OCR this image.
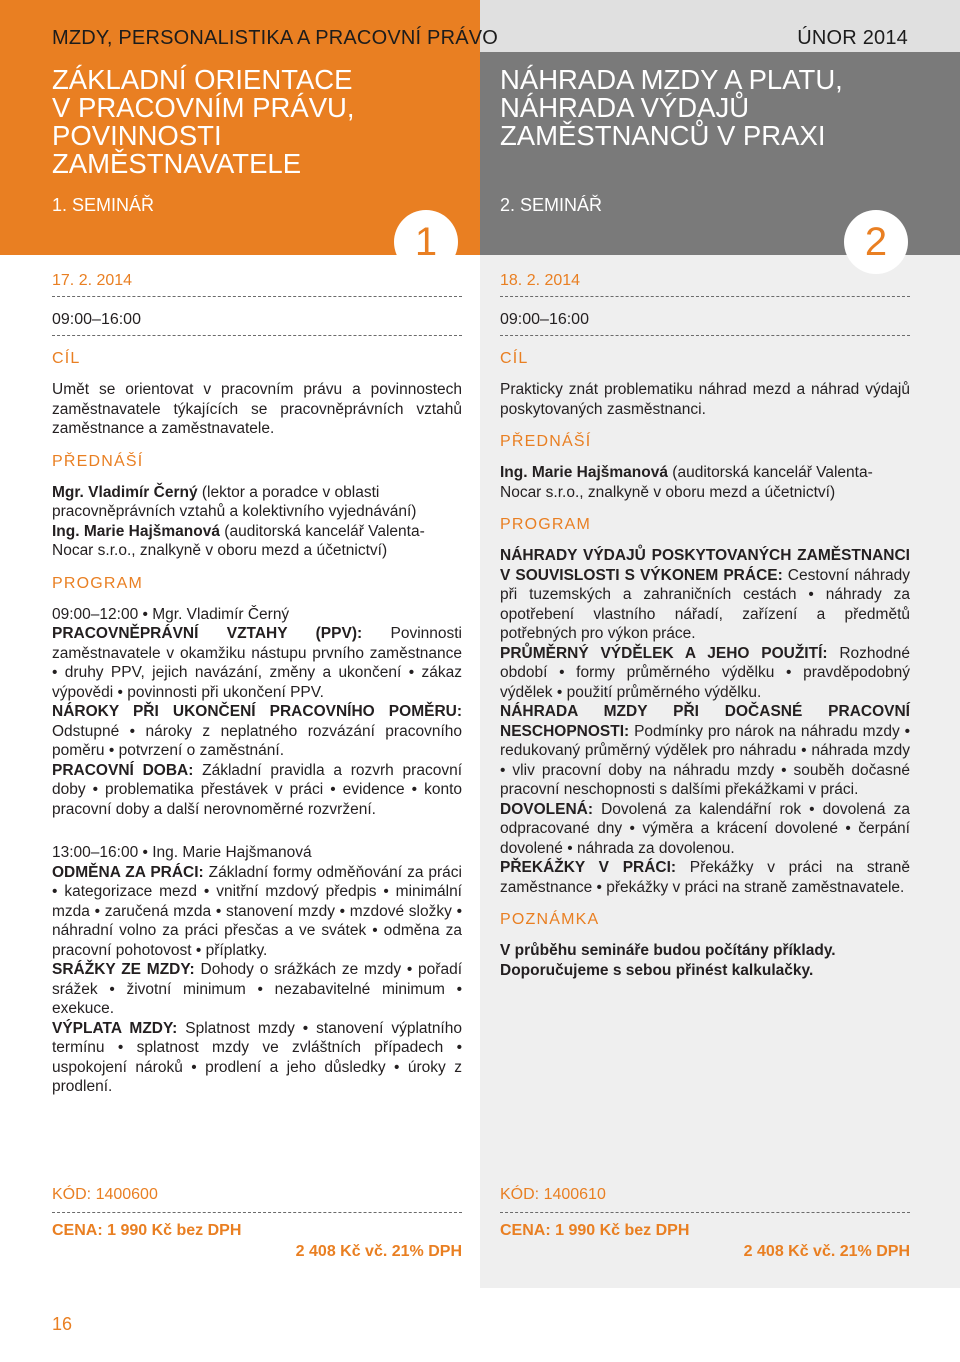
MZDY, PERSONALISTIKA A PRACOVNÍ PRÁVO	ÚNOR 2014
ZÁKLADNÍ ORIENTACE
V PRACOVNÍM PRÁVU,
POVINNOSTI
ZAMĚSTNAVATELE
1. SEMINÁŘ
NÁHRADA MZDY A PLATU,
NÁHRADA VÝDAJŮ
ZAMĚSTNANCŮ V PRAXI
2. SEMINÁŘ
1	2
17. 2. 2014
09:00–16:00
CÍL
Umět se orientovat v pracovním právu a povinnostech zaměstnavatele týkajících se pracovněprávních vztahů zaměstnance a zaměstnavatele.
PŘEDNÁŠÍ
Mgr. Vladimír Černý (lektor a poradce v oblasti pracovněprávních vztahů a kolektivního vyjednávání)
Ing. Marie Hajšmanová (auditorská kancelář Valenta-Nocar s.r.o., znalkyně v oboru mezd a účetnictví)
PROGRAM
09:00–12:00 • Mgr. Vladimír Černý
PRACOVNĚPRÁVNÍ VZTAHY (PPV): Povinnosti zaměstnavatele v okamžiku nástupu prvního zaměstnance • druhy PPV, jejich navázání, změny a ukončení • zákaz výpovědi • povinnosti při ukončení PPV.
NÁROKY PŘI UKONČENÍ PRACOVNÍHO POMĚRU: Odstupné • nároky z neplatného rozvázání pracovního poměru • potvrzení o zaměstnání.
PRACOVNÍ DOBA: Základní pravidla a rozvrh pracovní doby • problematika přestávek v práci • evidence • konto pracovní doby a další nerovnoměrné rozvržení.
13:00–16:00 • Ing. Marie Hajšmanová
ODMĚNA ZA PRÁCI: Základní formy odměňování za práci • kategorizace mezd • vnitřní mzdový předpis • minimální mzda • zaručená mzda • stanovení mzdy • mzdové složky • náhradní volno za práci přesčas a ve svátek • odměna za pracovní pohotovost • příplatky.
SRÁŽKY ZE MZDY: Dohody o srážkách ze mzdy • pořadí srážek • životní minimum • nezabavitelné minimum • exekuce.
VÝPLATA MZDY: Splatnost mzdy • stanovení výplatního termínu • splatnost mzdy ve zvláštních případech • uspokojení nároků • prodlení a jeho důsledky • úroky z prodlení.
18. 2. 2014
09:00–16:00
CÍL
Prakticky znát problematiku náhrad mezd a náhrad výdajů poskytovaných zasměstnanci.
PŘEDNÁŠÍ
Ing. Marie Hajšmanová (auditorská kancelář Valenta-Nocar s.r.o., znalkyně v oboru mezd a účetnictví)
PROGRAM
NÁHRADY VÝDAJŮ POSKYTOVANÝCH ZAMĚSTNANCI V SOUVISLOSTI S VÝKONEM PRÁCE: Cestovní náhrady při tuzemských a zahraničních cestách • náhrady za opotřebení vlastního nářadí, zařízení a předmětů potřebných pro výkon práce.
PRŮMĚRNÝ VÝDĚLEK A JEHO POUŽITÍ: Rozhodné období • formy průměrného výdělku • pravděpodobný výdělek • použití průměrného výdělku.
NÁHRADA MZDY PŘI DOČASNÉ PRACOVNÍ NESCHOPNOSTI: Podmínky pro nárok na náhradu mzdy • redukovaný průměrný výdělek pro náhradu • náhrada mzdy • vliv pracovní doby na náhradu mzdy • souběh dočasné pracovní neschopnosti s dalšími překážkami v práci.
DOVOLENÁ: Dovolená za kalendářní rok • dovolená za odpracované dny • výměra a krácení dovolené • čerpání dovolené • náhrada za dovolenou.
PŘEKÁŽKY V PRÁCI: Překážky v práci na straně zaměstnance • překážky v práci na straně zaměstnavatele.
POZNÁMKA
V průběhu semináře budou počítány příklady. Doporučujeme s sebou přinést kalkulačky.
KÓD: 1400600	KÓD: 1400610
CENA: 1 990 Kč bez DPH
2 408 Kč vč. 21% DPH
CENA: 1 990 Kč bez DPH
2 408 Kč vč. 21% DPH
16
